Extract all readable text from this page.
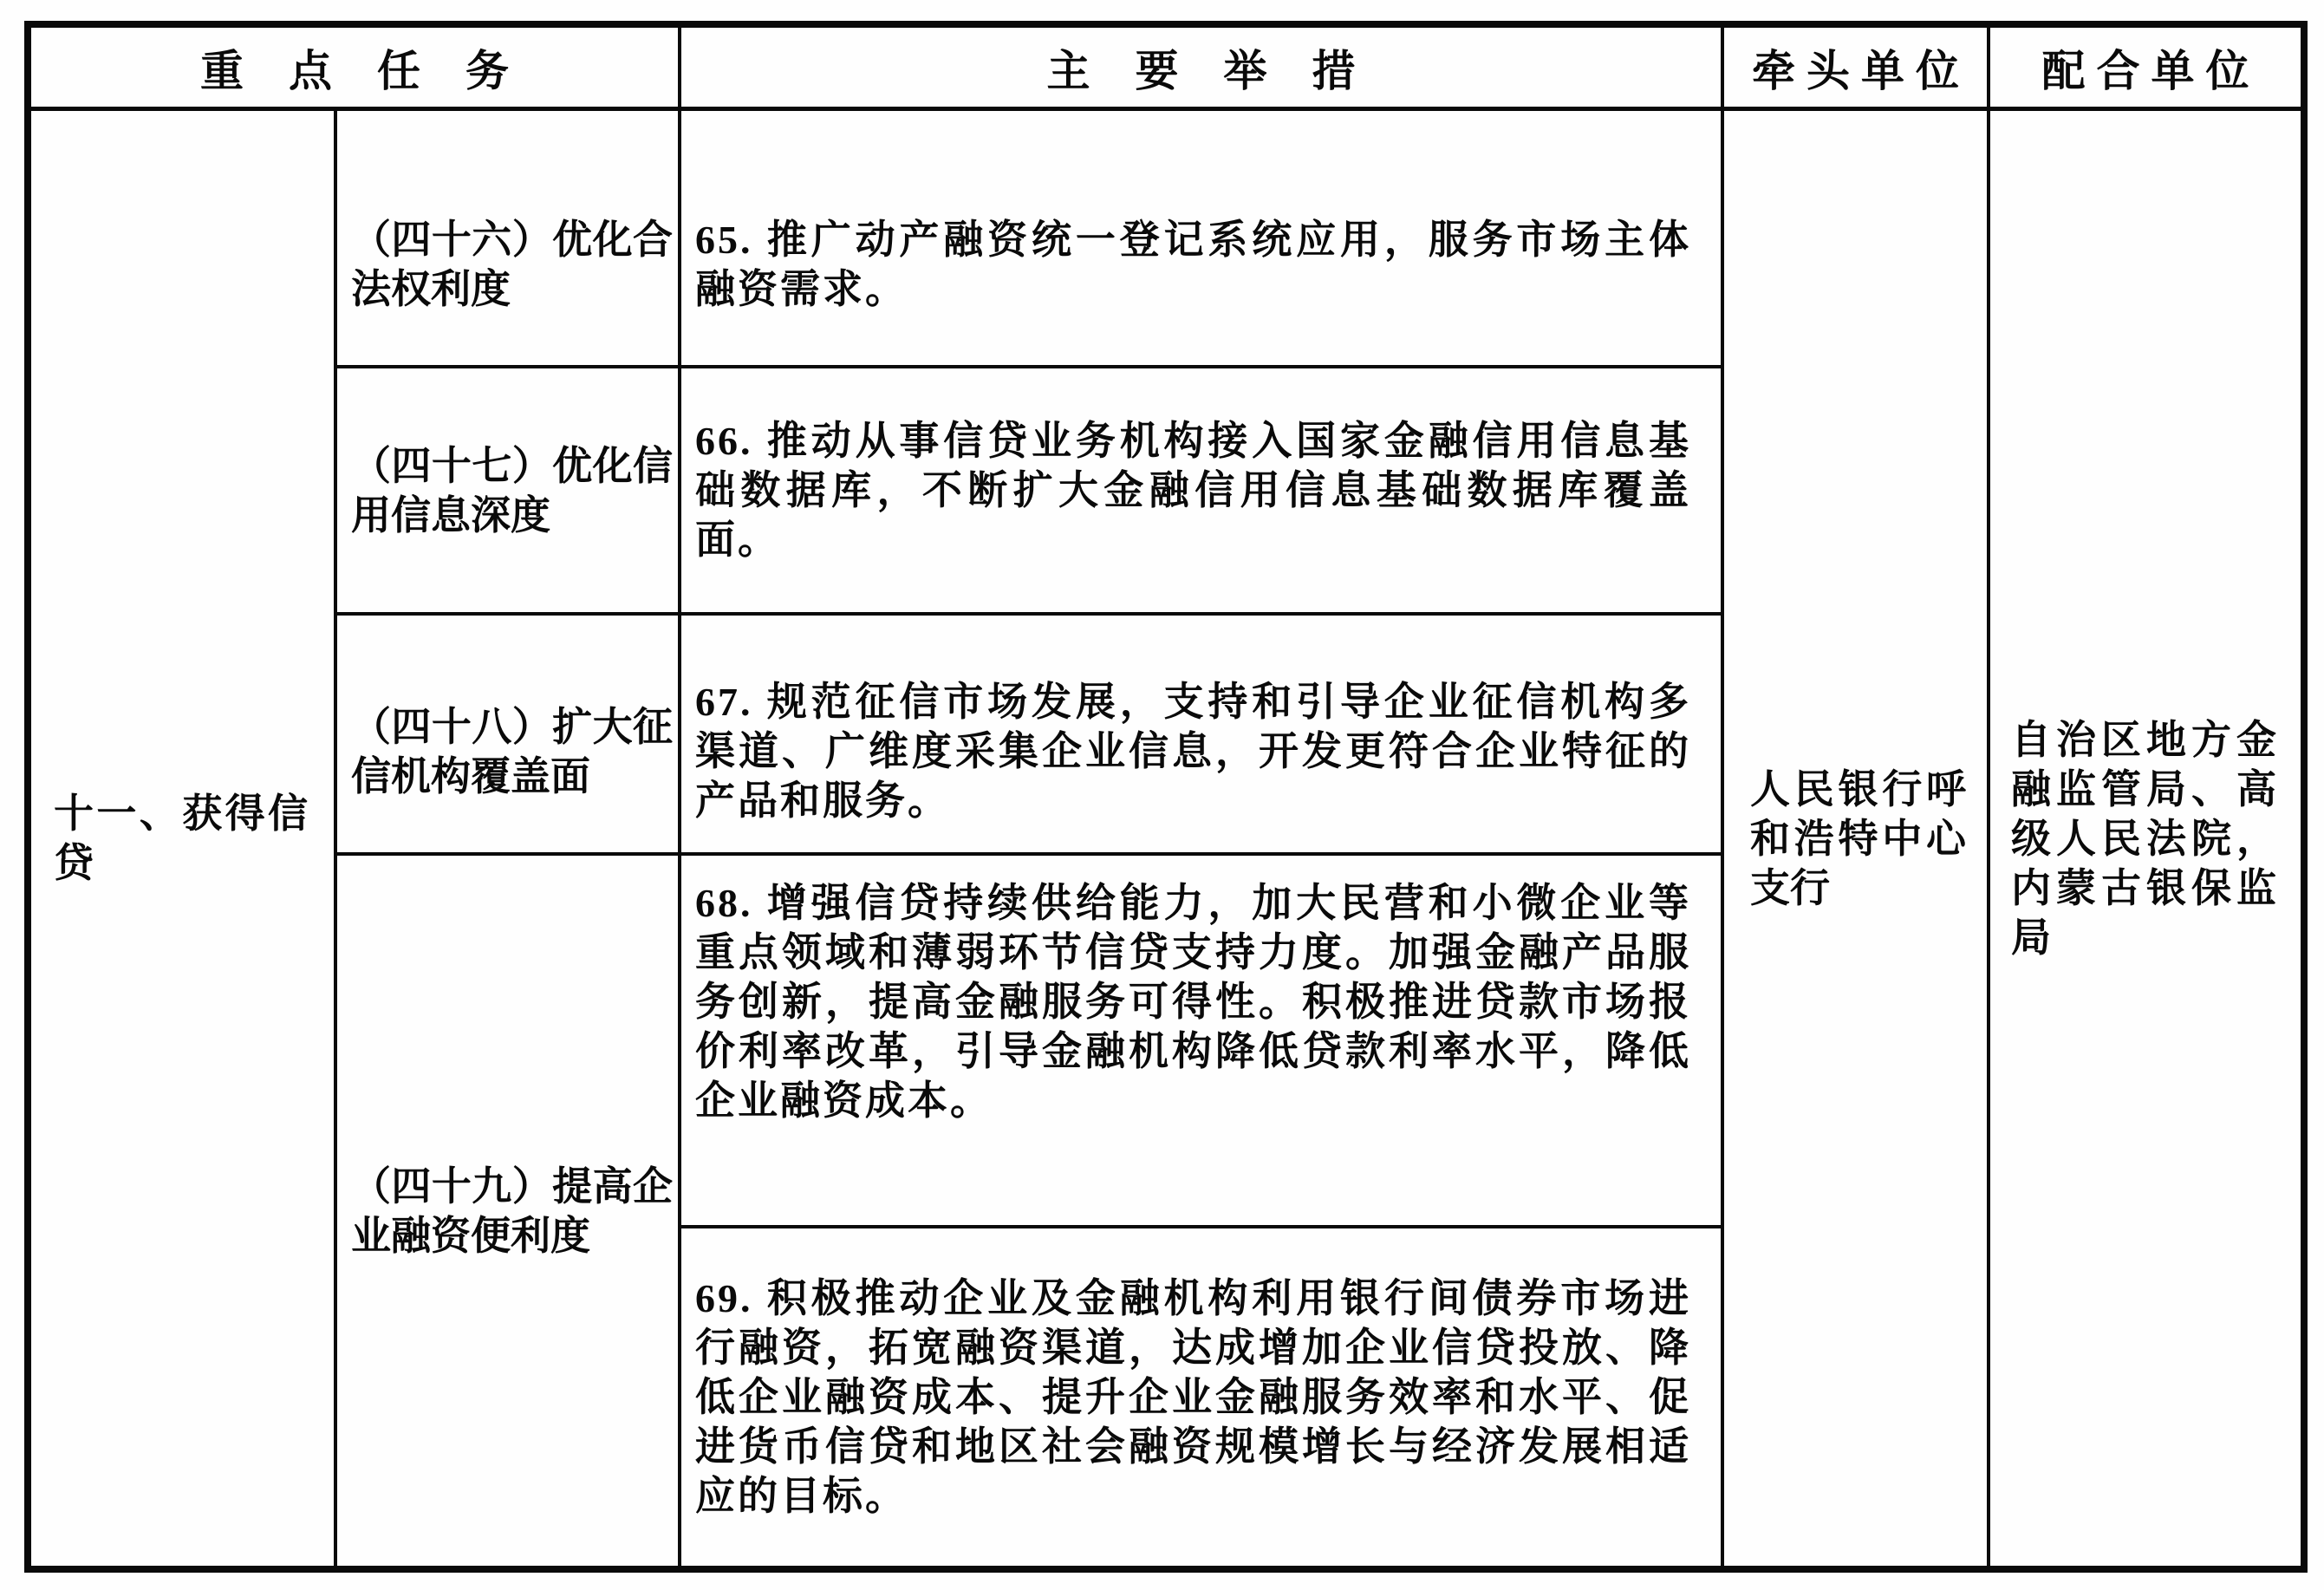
重点任务	主要举措	牵头单位 配合单位
十一、获得信贷
（四十六）优化合法权利度
（四十七）优化信用信息深度
（四十八）扩大征信机构覆盖面
（四十九）提高企业融资便利度
65. 推广动产融资统一登记系统应用，服务市场主体融资需求。
66. 推动从事信贷业务机构接入国家金融信用信息基础数据库，不断扩大金融信用信息基础数据库覆盖面。
67. 规范征信市场发展，支持和引导企业征信机构多渠道、广维度采集企业信息，开发更符合企业特征的产品和服务。
68. 增强信贷持续供给能力，加大民营和小微企业等重点领域和薄弱环节信贷支持力度。加强金融产品服务创新，提高金融服务可得性。积极推进贷款市场报价利率改革，引导金融机构降低贷款利率水平，降低企业融资成本。
69. 积极推动企业及金融机构利用银行间债券市场进行融资，拓宽融资渠道，达成增加企业信贷投放、降低企业融资成本、提升企业金融服务效率和水平、促进货币信贷和地区社会融资规模增长与经济发展相适应的目标。
人民银行呼和浩特中心支行
自治区地方金融监管局、高级人民法院，内蒙古银保监局
